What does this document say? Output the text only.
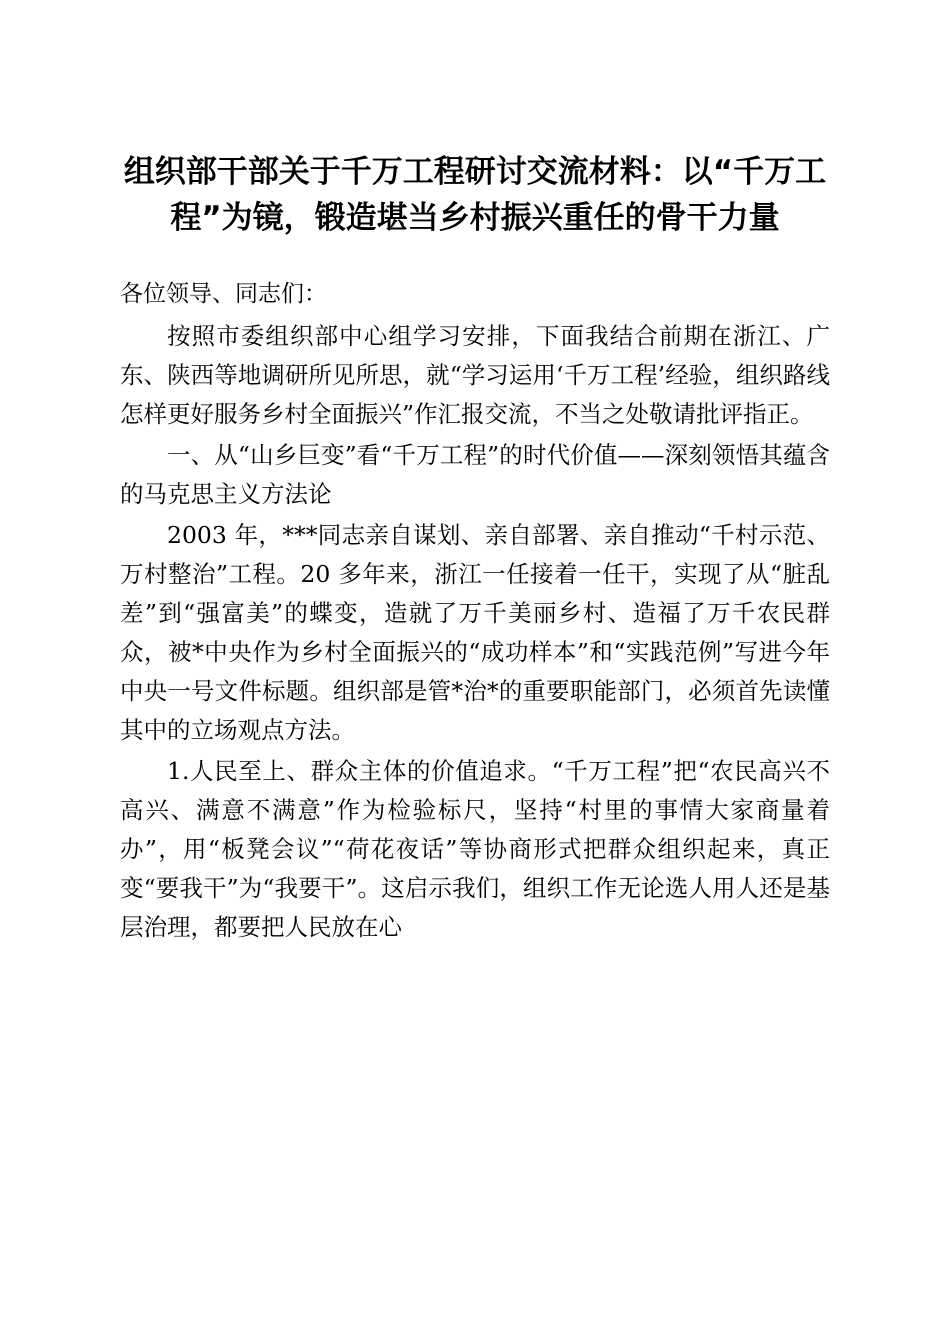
组织部干部关于千万工程研讨交流材料：以“千万工程”为镜，锻造堪当乡村振兴重任的骨干力量

各位领导、同志们：

按照市委组织部中心组学习安排，下面我结合前期在浙江、广东、陕西等地调研所见所思，就“学习运用‘千万工程’经验，组织路线怎样更好服务乡村全面振兴”作汇报交流，不当之处敬请批评指正。

一、从“山乡巨变”看“千万工程”的时代价值——深刻领悟其蕴含的马克思主义方法论

2003 年，***同志亲自谋划、亲自部署、亲自推动“千村示范、万村整治”工程。20 多年来，浙江一任接着一任干，实现了从“脏乱差”到“强富美”的蝶变，造就了万千美丽乡村、造福了万千农民群众，被*中央作为乡村全面振兴的“成功样本”和“实践范例”写进今年中央一号文件标题。组织部是管*治*的重要职能部门，必须首先读懂其中的立场观点方法。

1.人民至上、群众主体的价值追求。“千万工程”把“农民高兴不高兴、满意不满意”作为检验标尺，坚持“村里的事情大家商量着办”，用“板凳会议”“荷花夜话”等协商形式把群众组织起来，真正变“要我干”为“我要干”。这启示我们，组织工作无论选人用人还是基层治理，都要把人民放在心
